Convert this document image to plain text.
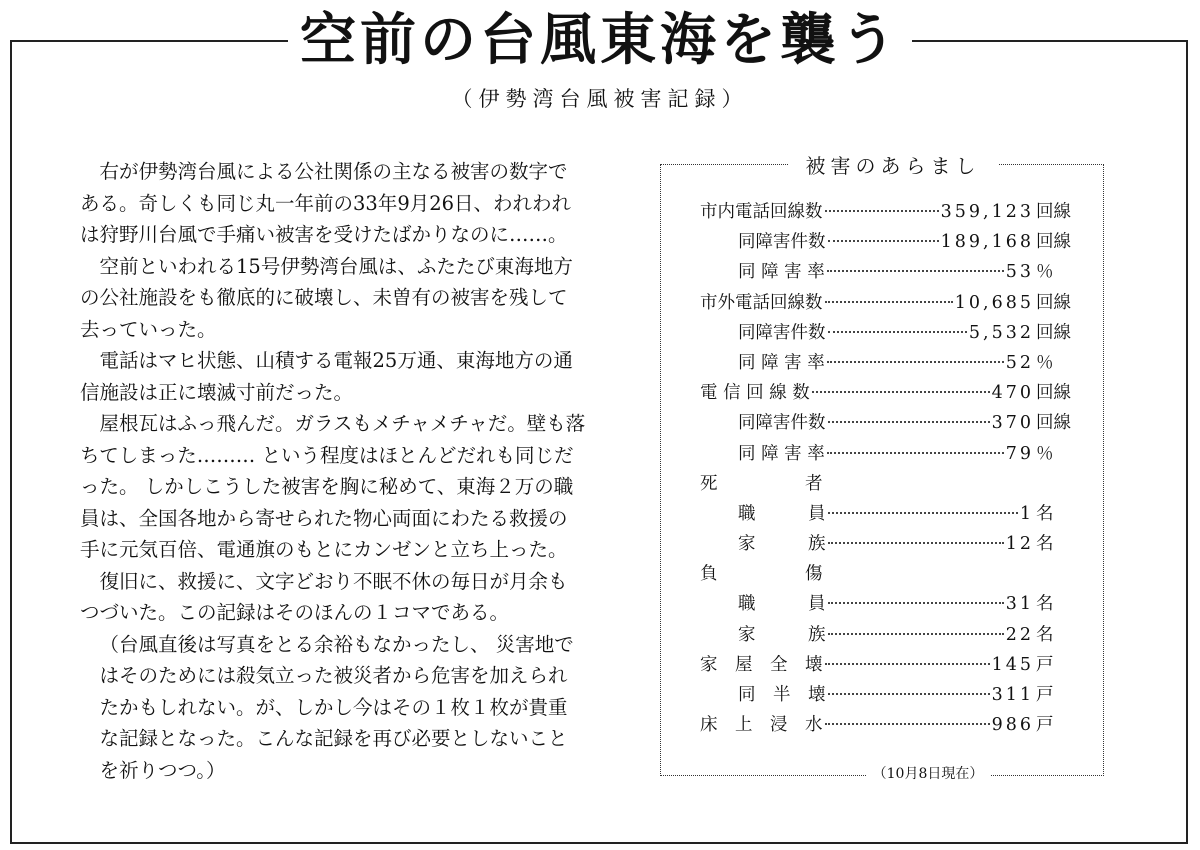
空前の台風東海を襲う
（伊勢湾台風被害記録）

右が伊勢湾台風による公社関係の主なる被害の数字である。奇しくも同じ丸一年前の33年9月26日、われわれは狩野川台風で手痛い被害を受けたばかりなのに……。

空前といわれる15号伊勢湾台風は、ふたたび東海地方の公社施設をも徹底的に破壊し、未曽有の被害を残して去っていった。

電話はマヒ状態、山積する電報25万通、東海地方の通信施設は正に壊滅寸前だった。

屋根瓦はふっ飛んだ。ガラスもメチャメチャだ。壁も落ちてしまった……… という程度はほとんどだれも同じだった。 しかしこうした被害を胸に秘めて、東海２万の職員は、全国各地から寄せられた物心両面にわたる救援の手に元気百倍、電通旗のもとにカンゼンと立ち上った。

復旧に、救援に、文字どおり不眠不休の毎日が月余もつづいた。この記録はそのほんの１コマである。

（台風直後は写真をとる余裕もなかったし、 災害地ではそのためには殺気立った被災者から危害を加えられたかもしれない。が、しかし今はその１枚１枚が貴重な記録となった。こんな記録を再び必要としないことを祈りつつ。）

被害のあらまし
市内電話回線数	359,123 回線
同障害件数	189,168 回線
同 障 害 率	53 ％
市外電話回線数	10,685 回線
同障害件数	5,532 回線
同 障 害 率	52 ％
電 信 回 線 数	470 回線
同障害件数	370 回線
同 障 害 率	79 ％
死　　　　　者
職　　　員	1 名
家　　　族	12 名
負　　　　　傷
職　　　員	31 名
家　　　族	22 名
家　屋　全　壊	145 戸
同　半　壊	311 戸
床　上　浸　水	986 戸
（10月8日現在）
